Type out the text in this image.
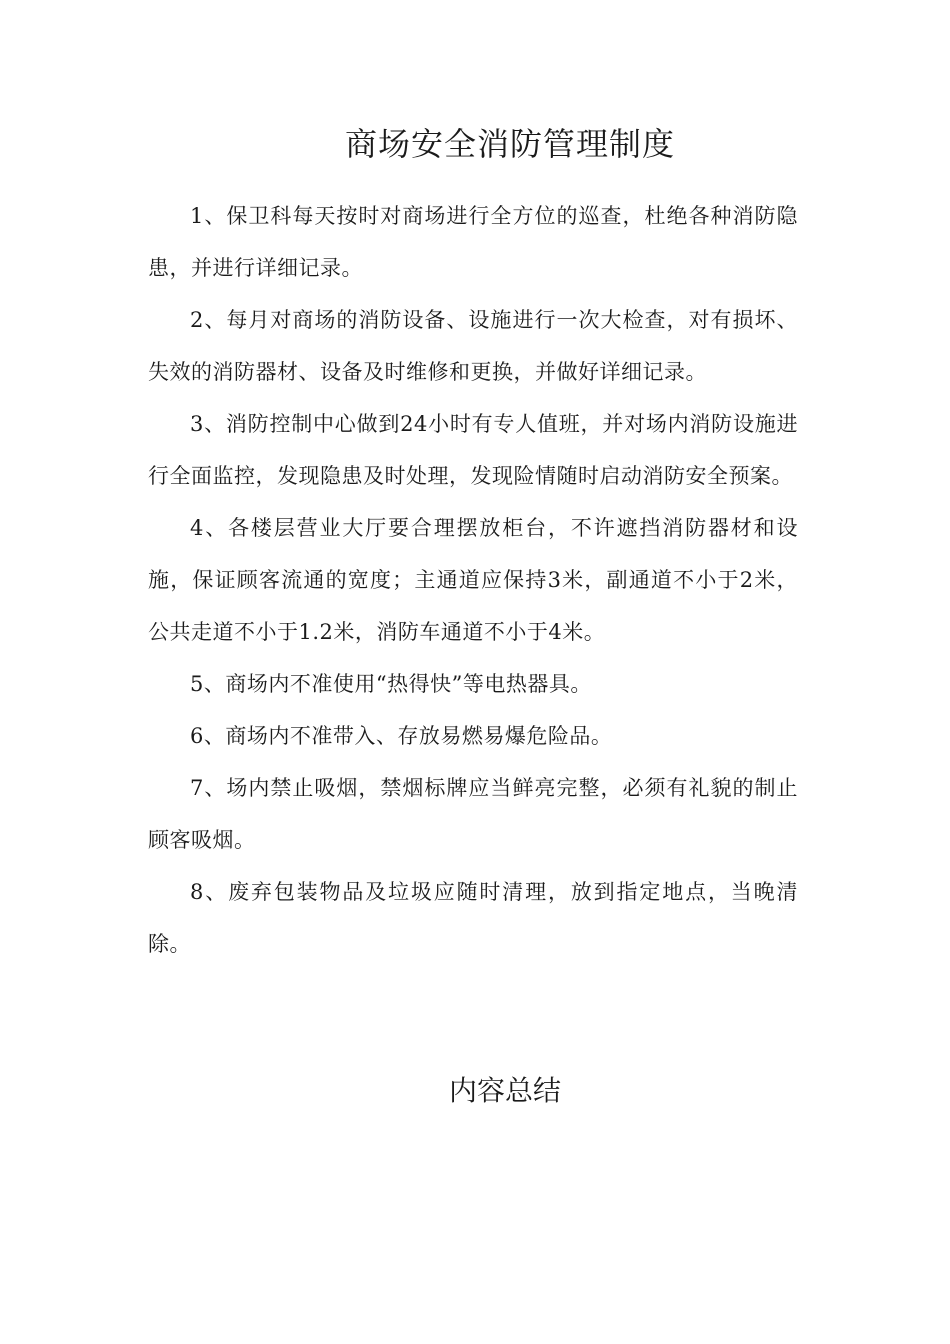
商场安全消防管理制度

1、保卫科每天按时对商场进行全方位的巡查，杜绝各种消防隐患，并进行详细记录。

2、每月对商场的消防设备、设施进行一次大检查，对有损坏、失效的消防器材、设备及时维修和更换，并做好详细记录。

3、消防控制中心做到24小时有专人值班，并对场内消防设施进行全面监控，发现隐患及时处理，发现险情随时启动消防安全预案。

4、各楼层营业大厅要合理摆放柜台，不许遮挡消防器材和设施，保证顾客流通的宽度；主通道应保持3米，副通道不小于2米，公共走道不小于1.2米，消防车通道不小于4米。

5、商场内不准使用“热得快”等电热器具。

6、商场内不准带入、存放易燃易爆危险品。

7、场内禁止吸烟，禁烟标牌应当鲜亮完整，必须有礼貌的制止顾客吸烟。

8、废弃包装物品及垃圾应随时清理，放到指定地点，当晚清除。

内容总结
